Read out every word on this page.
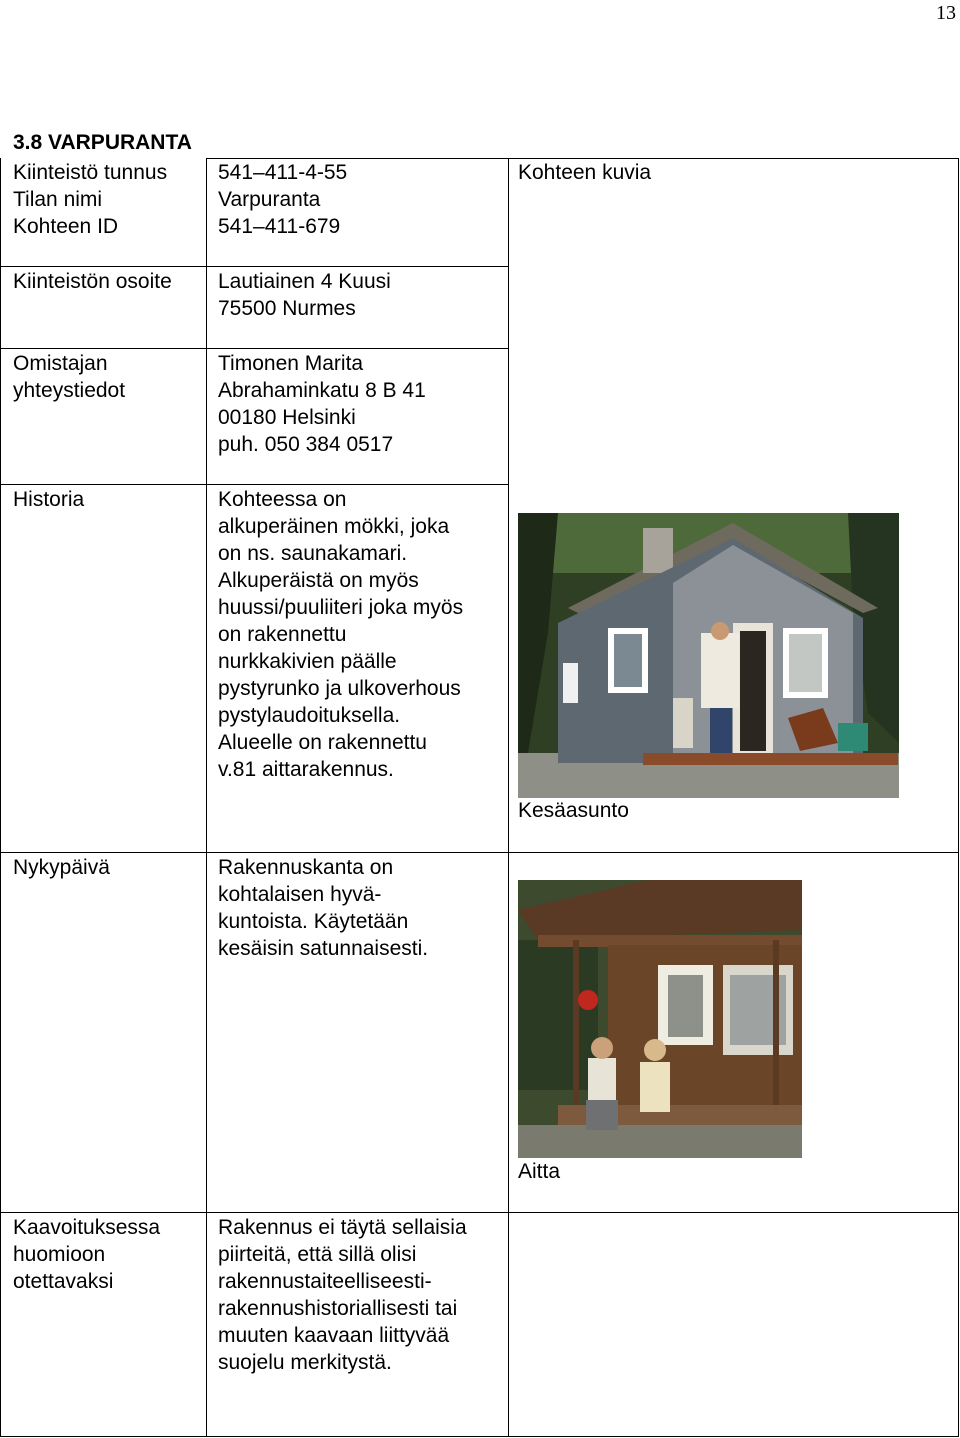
13
3.8 VARPURANTA
Kiinteistö tunnus
Tilan nimi
Kohteen ID
541–411-4-55
Varpuranta
541–411-679
Kiinteistön osoite Lautiainen 4 Kuusi
75500 Nurmes
Omistajan
yhteystiedot
Timonen Marita
Abrahaminkatu 8 B 41
00180 Helsinki
puh. 050 384 0517
Historia	Kohteessa on
alkuperäinen mökki, joka
on ns. saunakamari.
Alkuperäistä on myös
huussi/puuliiteri joka myös
on rakennettu
nurkkakivien päälle
pystyrunko ja ulkoverhous
pystylaudoituksella.
Alueelle on rakennettu
v.81 aittarakennus.
Nykypäivä	Rakennuskanta on
kohtalaisen hyvä-
kuntoista. Käytetään
kesäisin satunnaisesti.
Kaavoituksessa
huomioon
otettavaksi
Rakennus ei täytä sellaisia
piirteitä, että sillä olisi
rakennustaiteelliseesti-
rakennushistoriallisesti tai
muuten kaavaan liittyvää
suojelu merkitystä.
Kohteen kuvia
Kesäasunto
Aitta
